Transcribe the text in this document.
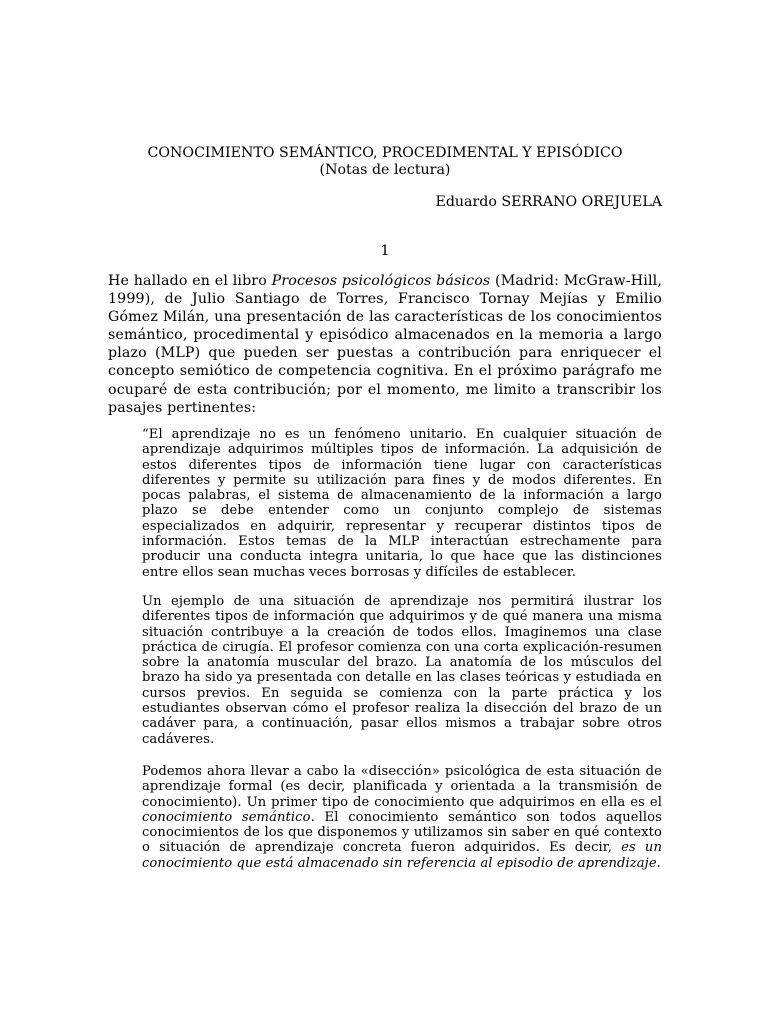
CONOCIMIENTO SEMÁNTICO, PROCEDIMENTAL Y EPISÓDICO

(Notas de lectura)

Eduardo SERRANO OREJUELA

1

He hallado en el libro Procesos psicológicos básicos (Madrid: McGraw-Hill, 1999), de Julio Santiago de Torres, Francisco Tornay Mejías y Emilio Gómez Milán, una presentación de las características de los conocimientos semántico, procedimental y episódico almacenados en la memoria a largo plazo (MLP) que pueden ser puestas a contribución para enriquecer el concepto semiótico de competencia cognitiva. En el próximo parágrafo me ocuparé de esta contribución; por el momento, me limito a transcribir los pasajes pertinentes:

“El aprendizaje no es un fenómeno unitario. En cualquier situación de aprendizaje adquirimos múltiples tipos de información. La adquisición de estos diferentes tipos de información tiene lugar con características diferentes y permite su utilización para fines y de modos diferentes. En pocas palabras, el sistema de almacenamiento de la información a largo plazo se debe entender como un conjunto complejo de sistemas especializados en adquirir, representar y recuperar distintos tipos de información. Estos temas de la MLP interactúan estrechamente para producir una conducta integra unitaria, lo que hace que las distinciones entre ellos sean muchas veces borrosas y difíciles de establecer.

Un ejemplo de una situación de aprendizaje nos permitirá ilustrar los diferentes tipos de información que adquirimos y de qué manera una misma situación contribuye a la creación de todos ellos. Imaginemos una clase práctica de cirugía. El profesor comienza con una corta explicación-resumen sobre la anatomía muscular del brazo. La anatomía de los músculos del brazo ha sido ya presentada con detalle en las clases teóricas y estudiada en cursos previos. En seguida se comienza con la parte práctica y los estudiantes observan cómo el profesor realiza la disección del brazo de un cadáver para, a continuación, pasar ellos mismos a trabajar sobre otros cadáveres.

Podemos ahora llevar a cabo la «disección» psicológica de esta situación de aprendizaje formal (es decir, planificada y orientada a la transmisión de conocimiento). Un primer tipo de conocimiento que adquirimos en ella es el conocimiento semántico. El conocimiento semántico son todos aquellos conocimientos de los que disponemos y utilizamos sin saber en qué contexto o situación de aprendizaje concreta fueron adquiridos. Es decir, es un conocimiento que está almacenado sin referencia al episodio de aprendizaje.
